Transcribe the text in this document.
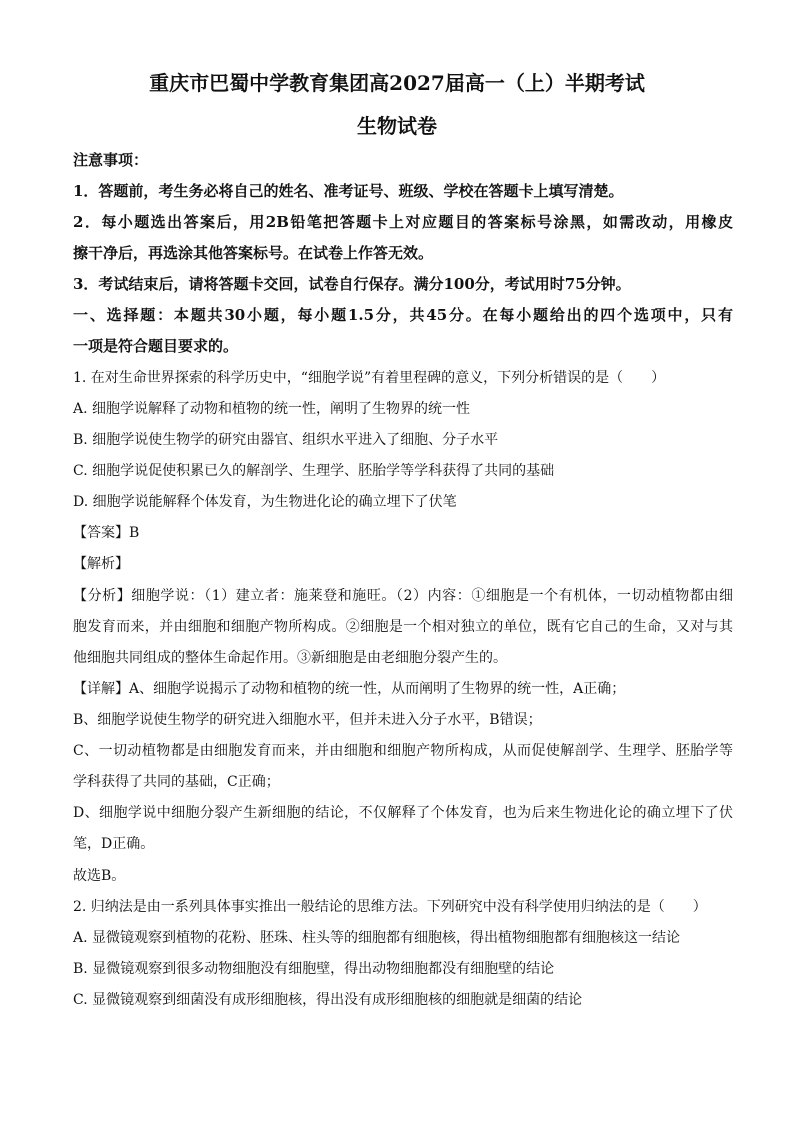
重庆市巴蜀中学教育集团高2027届高一（上）半期考试
生物试卷
注意事项：
1．答题前，考生务必将自己的姓名、准考证号、班级、学校在答题卡上填写清楚。
2．每小题选出答案后，用2B铅笔把答题卡上对应题目的答案标号涂黑，如需改动，用橡皮
擦干净后，再选涂其他答案标号。在试卷上作答无效。
3．考试结束后，请将答题卡交回，试卷自行保存。满分100分，考试用时75分钟。
一、选择题：本题共30小题，每小题1.5分，共45分。在每小题给出的四个选项中，只有
一项是符合题目要求的。
1. 在对生命世界探索的科学历史中，“细胞学说”有着里程碑的意义，下列分析错误的是（　　）
A. 细胞学说解释了动物和植物的统一性，阐明了生物界的统一性
B. 细胞学说使生物学的研究由器官、组织水平进入了细胞、分子水平
C. 细胞学说促使积累已久的解剖学、生理学、胚胎学等学科获得了共同的基础
D. 细胞学说能解释个体发育，为生物进化论的确立埋下了伏笔
【答案】B
【解析】
【分析】细胞学说：（1）建立者：施莱登和施旺。（2）内容：①细胞是一个有机体，一切动植物都由细
胞发育而来，并由细胞和细胞产物所构成。②细胞是一个相对独立的单位，既有它自己的生命，又对与其
他细胞共同组成的整体生命起作用。③新细胞是由老细胞分裂产生的。
【详解】A、细胞学说揭示了动物和植物的统一性，从而阐明了生物界的统一性，A正确；
B、细胞学说使生物学的研究进入细胞水平，但并未进入分子水平，B错误；
C、一切动植物都是由细胞发育而来，并由细胞和细胞产物所构成，从而促使解剖学、生理学、胚胎学等
学科获得了共同的基础，C正确；
D、细胞学说中细胞分裂产生新细胞的结论，不仅解释了个体发育，也为后来生物进化论的确立埋下了伏
笔，D正确。
故选B。
2. 归纳法是由一系列具体事实推出一般结论的思维方法。下列研究中没有科学使用归纳法的是（　　）
A. 显微镜观察到植物的花粉、胚珠、柱头等的细胞都有细胞核，得出植物细胞都有细胞核这一结论
B. 显微镜观察到很多动物细胞没有细胞壁，得出动物细胞都没有细胞壁的结论
C. 显微镜观察到细菌没有成形细胞核，得出没有成形细胞核的细胞就是细菌的结论
